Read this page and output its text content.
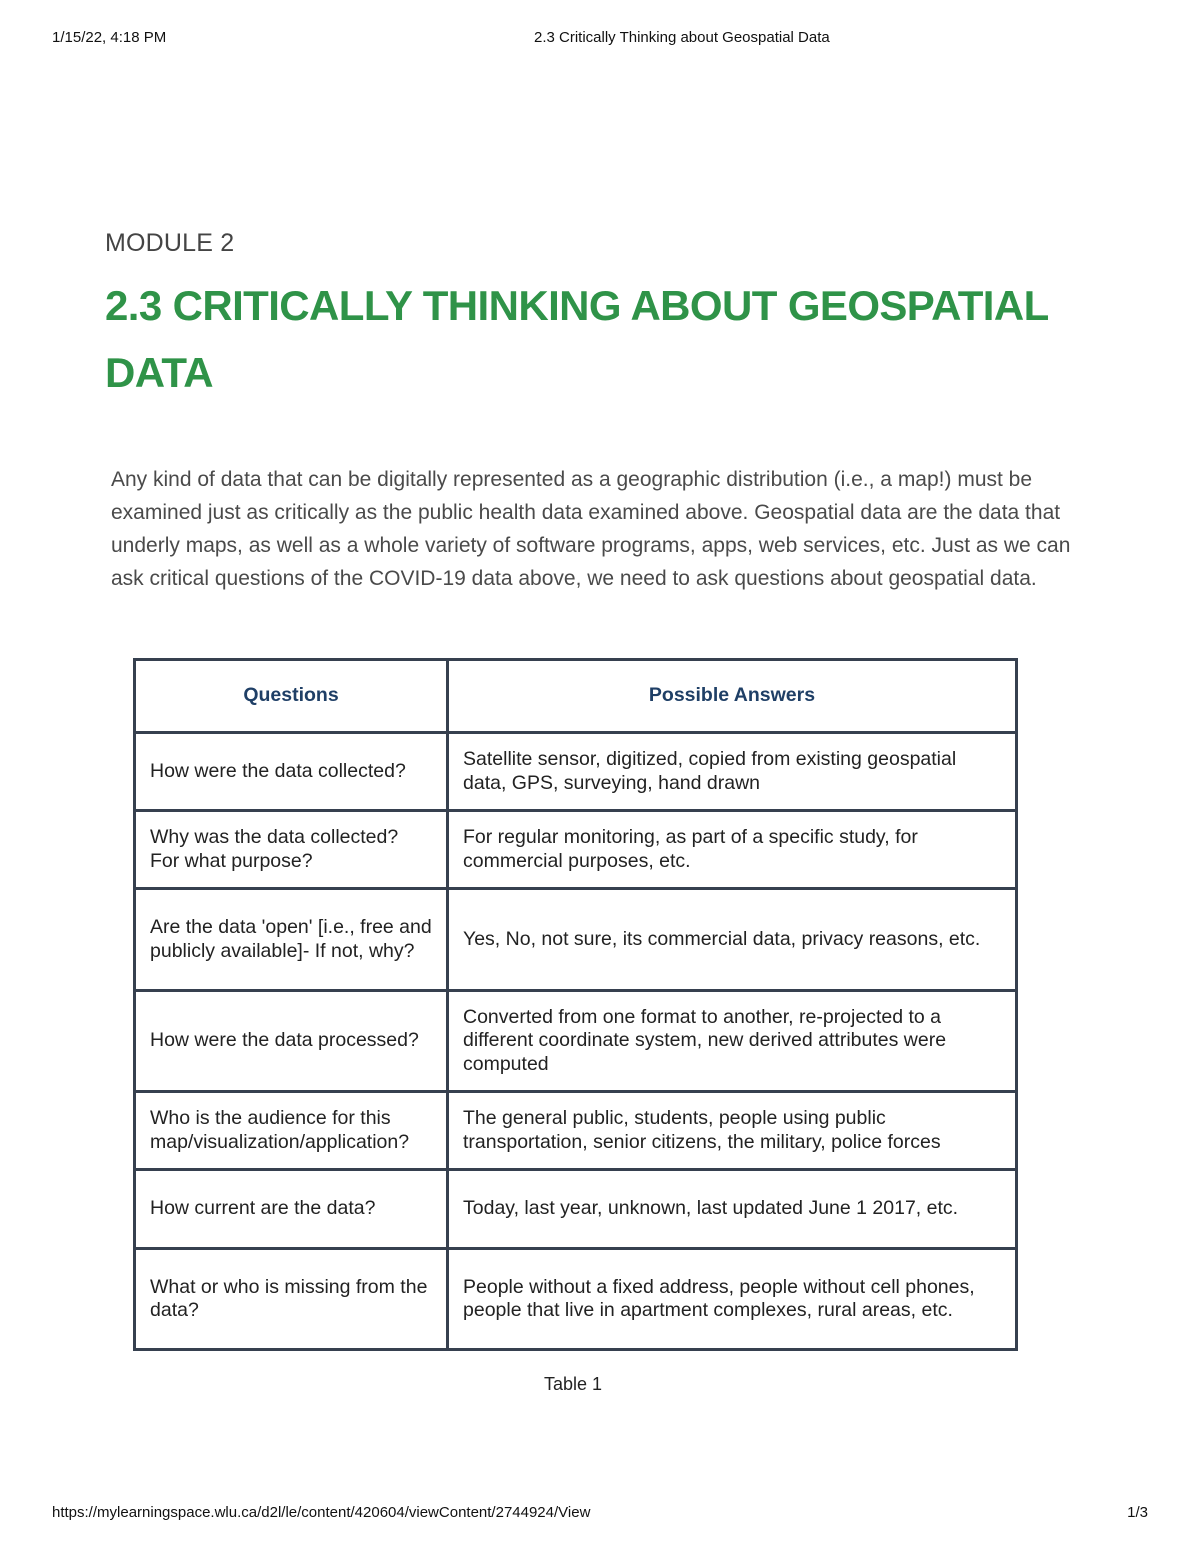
1/15/22, 4:18 PM	2.3 Critically Thinking about Geospatial Data
MODULE 2
2.3 CRITICALLY THINKING ABOUT GEOSPATIAL DATA

Any kind of data that can be digitally represented as a geographic distribution (i.e., a map!) must be examined just as critically as the public health data examined above. Geospatial data are the data that underly maps, as well as a whole variety of software programs, apps, web services, etc. Just as we can ask critical questions of the COVID-19 data above, we need to ask questions about geospatial data.

Questions	Possible Answers
How were the data collected?	Satellite sensor, digitized, copied from existing geospatial data, GPS, surveying, hand drawn
Why was the data collected? For what purpose?	For regular monitoring, as part of a specific study, for commercial purposes, etc.
Are the data 'open' [i.e., free and publicly available]- If not, why?	Yes, No, not sure, its commercial data, privacy reasons, etc.
How were the data processed?	Converted from one format to another, re-projected to a different coordinate system, new derived attributes were computed
Who is the audience for this map/visualization/application?	The general public, students, people using public transportation, senior citizens, the military, police forces
How current are the data?	Today, last year, unknown, last updated June 1 2017, etc.
What or who is missing from the data?	People without a fixed address, people without cell phones, people that live in apartment complexes, rural areas, etc.
Table 1
https://mylearningspace.wlu.ca/d2l/le/content/420604/viewContent/2744924/View	1/3
